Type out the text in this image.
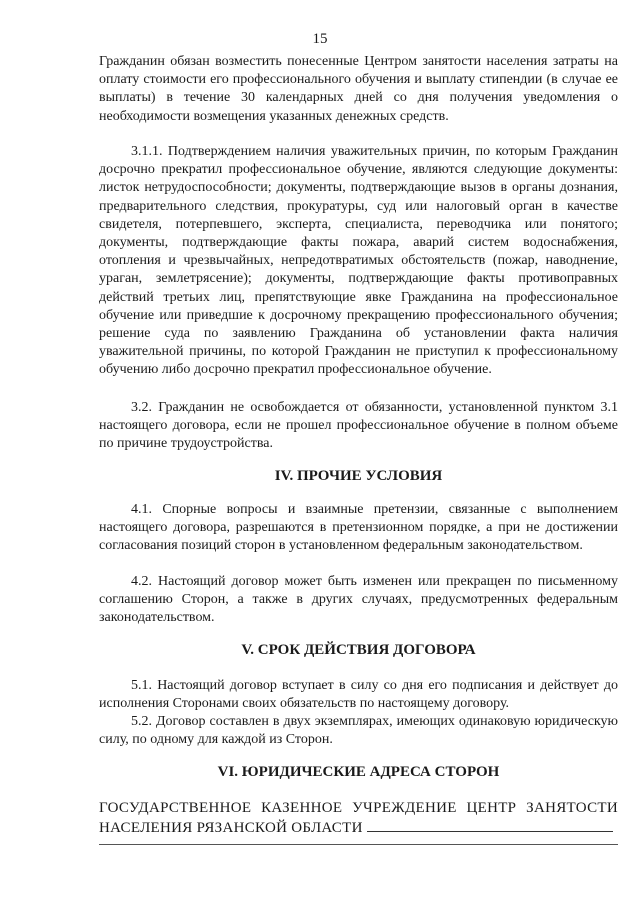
15

Гражданин обязан возместить понесенные Центром занятости населения затраты на оплату стоимости его профессионального обучения и выплату стипендии (в случае ее выплаты) в течение 30 календарных дней со дня получения уведомления о необходимости возмещения указанных денежных средств.

3.1.1. Подтверждением наличия уважительных причин, по которым Гражданин досрочно прекратил профессиональное обучение, являются следующие документы: листок нетрудоспособности; документы, подтверждающие вызов в органы дознания, предварительного следствия, прокуратуры, суд или налоговый орган в качестве свидетеля, потерпевшего, эксперта, специалиста, переводчика или понятого; документы, подтверждающие факты пожара, аварий систем водоснабжения, отопления и чрезвычайных, непредотвратимых обстоятельств (пожар, наводнение, ураган, землетрясение); документы, подтверждающие факты противоправных действий третьих лиц, препятствующие явке Гражданина на профессиональное обучение или приведшие к досрочному прекращению профессионального обучения; решение суда по заявлению Гражданина об установлении факта наличия уважительной причины, по которой Гражданин не приступил к профессиональному обучению либо досрочно прекратил профессиональное обучение.

3.2. Гражданин не освобождается от обязанности, установленной пунктом 3.1 настоящего договора, если не прошел профессиональное обучение в полном объеме по причине трудоустройства.

IV. ПРОЧИЕ УСЛОВИЯ

4.1. Спорные вопросы и взаимные претензии, связанные с выполнением настоящего договора, разрешаются в претензионном порядке, а при не достижении согласования позиций сторон в установленном федеральным законодательством.

4.2. Настоящий договор может быть изменен или прекращен по письменному соглашению Сторон, а также в других случаях, предусмотренных федеральным законодательством.

V. СРОК ДЕЙСТВИЯ ДОГОВОРА

5.1. Настоящий договор вступает в силу со дня его подписания и действует до исполнения Сторонами своих обязательств по настоящему договору.

5.2. Договор составлен в двух экземплярах, имеющих одинаковую юридическую силу, по одному для каждой из Сторон.

VI. ЮРИДИЧЕСКИЕ АДРЕСА СТОРОН
ГОСУДАРСТВЕННОЕ КАЗЕННОЕ УЧРЕЖДЕНИЕ ЦЕНТР ЗАНЯТОСТИ НАСЕЛЕНИЯ РЯЗАНСКОЙ ОБЛАСТИ
